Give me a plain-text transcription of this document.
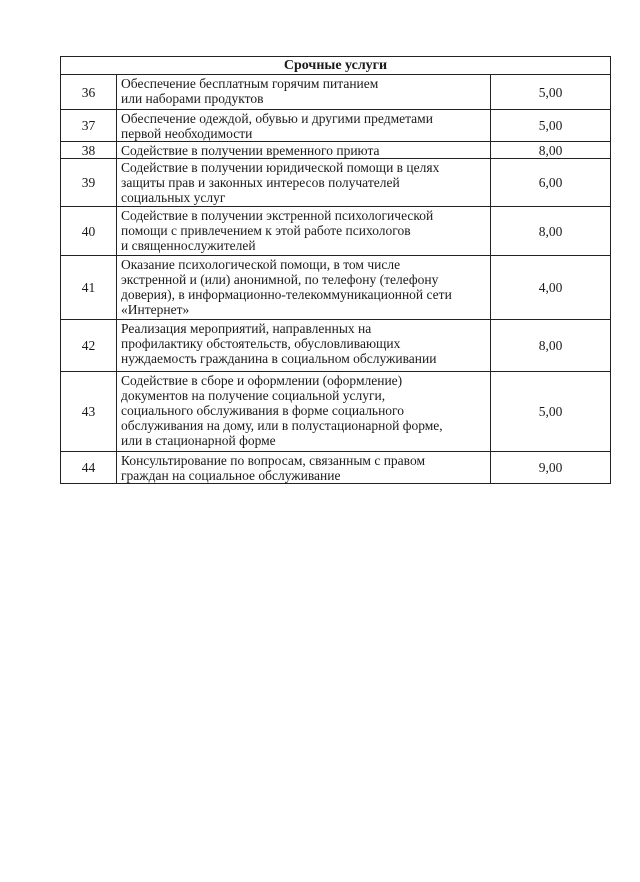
Срочные услуги		
36	Обеспечение бесплатным горячим питанием
или наборами продуктов	5,00
37	Обеспечение одеждой, обувью и другими предметами
первой необходимости	5,00
38	Содействие в получении временного приюта	8,00
39	Содействие в получении юридической помощи в целях
защиты прав и законных интересов получателей
социальных услуг	6,00
40	Содействие в получении экстренной психологической
помощи с привлечением к этой работе психологов
и священнослужителей	8,00
41	Оказание психологической помощи, в том числе
экстренной и (или) анонимной, по телефону (телефону
доверия), в информационно-телекоммуникационной сети
«Интернет»	4,00
42	Реализация мероприятий, направленных на
профилактику обстоятельств, обусловливающих
нуждаемость гражданина в социальном обслуживании	8,00
43	Содействие в сборе и оформлении (оформление)
документов на получение социальной услуги,
социального обслуживания в форме социального
обслуживания на дому, или в полустационарной форме,
или в стационарной форме	5,00
44	Консультирование по вопросам, связанным с правом
граждан на социальное обслуживание	9,00
